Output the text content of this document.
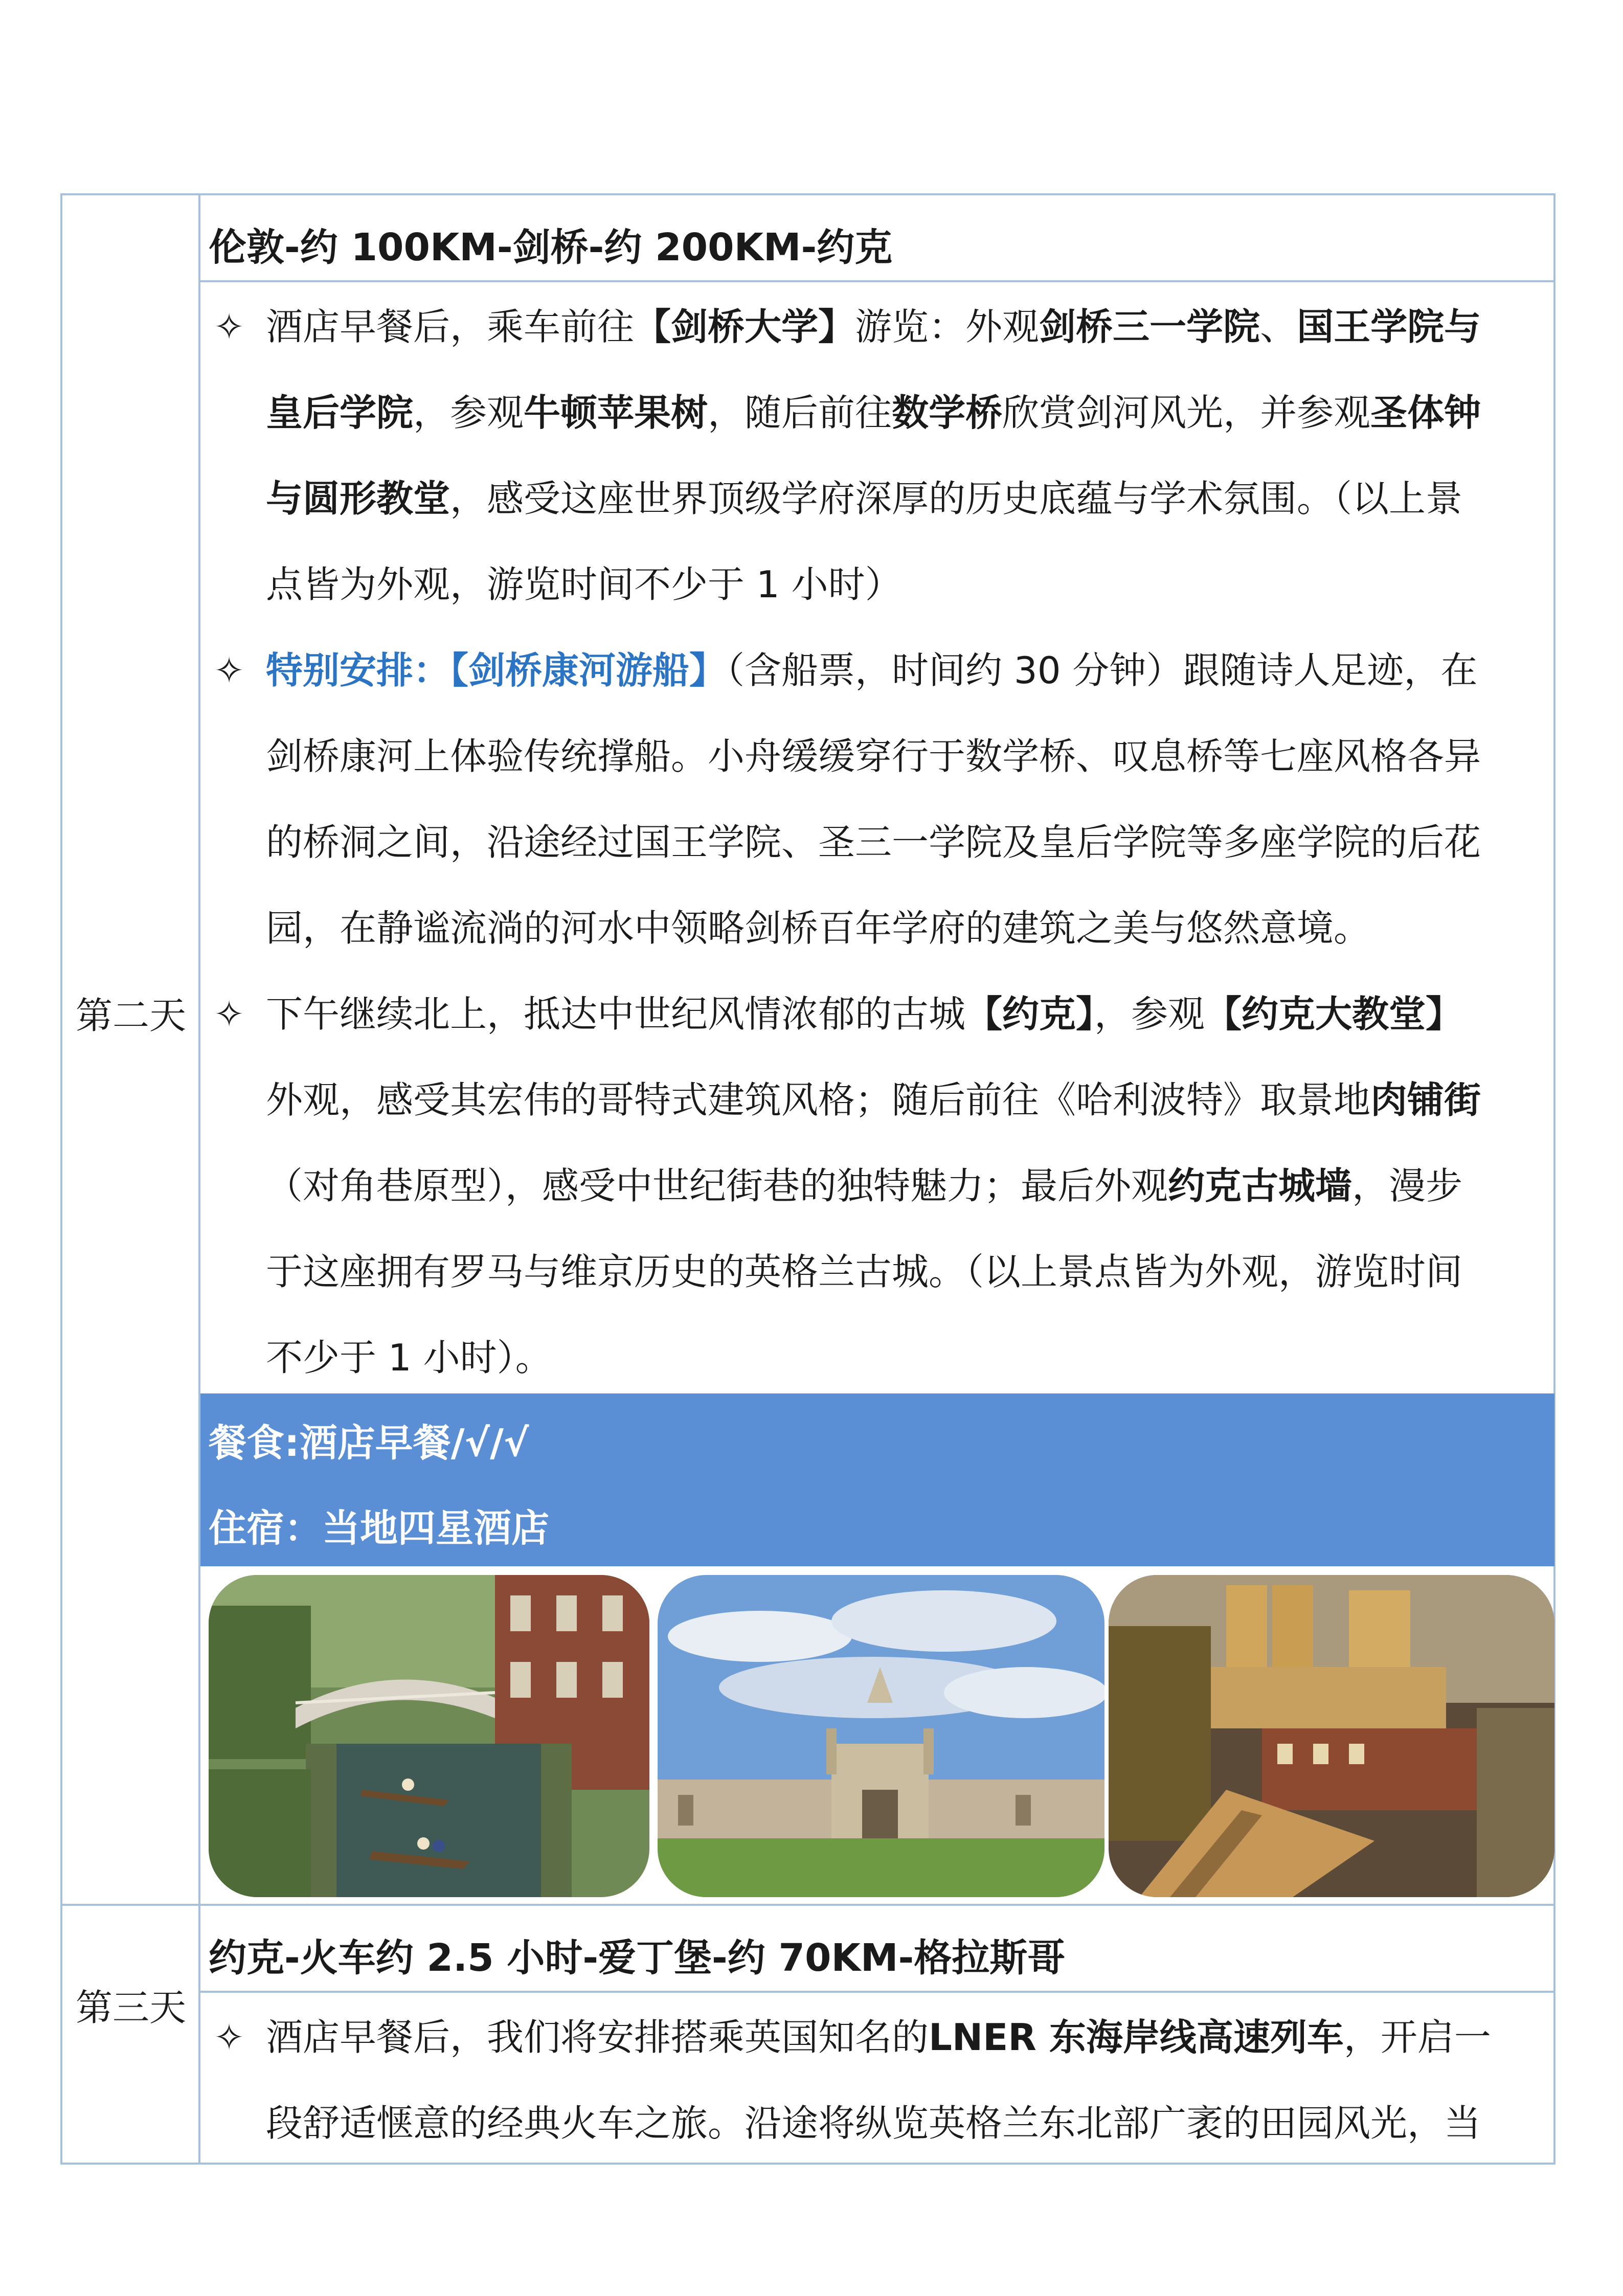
第二天
伦敦-约 100KM-剑桥-约 200KM-约克
✧ 酒店早餐后，乘车前往【剑桥大学】游览：外观剑桥三一学院、国王学院与
皇后学院，参观牛顿苹果树，随后前往数学桥欣赏剑河风光，并参观圣体钟
与圆形教堂，感受这座世界顶级学府深厚的历史底蕴与学术氛围。（以上景
点皆为外观，游览时间不少于 1 小时）
✧ 特别安排：【剑桥康河游船】（含船票，时间约 30 分钟）跟随诗人足迹，在
剑桥康河上体验传统撑船。小舟缓缓穿行于数学桥、叹息桥等七座风格各异
的桥洞之间，沿途经过国王学院、圣三一学院及皇后学院等多座学院的后花
园，在静谧流淌的河水中领略剑桥百年学府的建筑之美与悠然意境。
✧ 下午继续北上，抵达中世纪风情浓郁的古城【约克】，参观【约克大教堂】
外观，感受其宏伟的哥特式建筑风格；随后前往《哈利波特》取景地肉铺街
（对角巷原型），感受中世纪街巷的独特魅力；最后外观约克古城墙，漫步
于这座拥有罗马与维京历史的英格兰古城。（以上景点皆为外观，游览时间
不少于 1 小时）。
餐食:酒店早餐/√/√
住宿：当地四星酒店
第三天
约克-火车约 2.5 小时-爱丁堡-约 70KM-格拉斯哥
✧ 酒店早餐后，我们将安排搭乘英国知名的LNER 东海岸线高速列车，开启一
段舒适惬意的经典火车之旅。沿途将纵览英格兰东北部广袤的田园风光，当
